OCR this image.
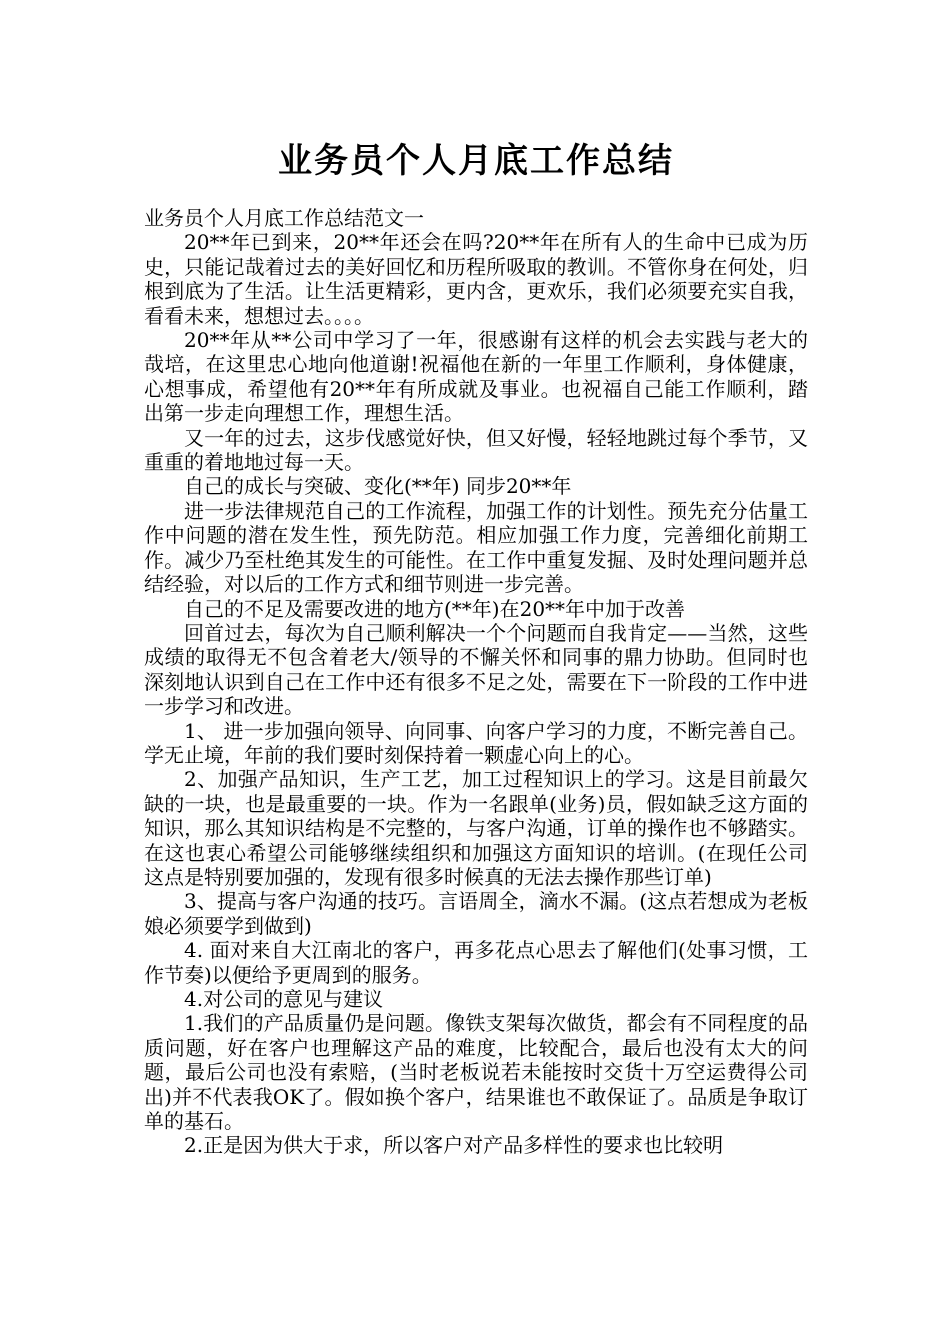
业务员个人月底工作总结

业务员个人月底工作总结范文一

20**年已到来，20**年还会在吗?20**年在所有人的生命中已成为历史，只能记哉着过去的美好回忆和历程所吸取的教训。不管你身在何处，归根到底为了生活。让生活更精彩，更内含，更欢乐，我们必须要充实自我，看看未来，想想过去。。。。

20**年从**公司中学习了一年，很感谢有这样的机会去实践与老大的哉培，在这里忠心地向他道谢!祝福他在新的一年里工作顺利，身体健康，心想事成，希望他有20**年有所成就及事业。也祝福自己能工作顺利，踏出第一步走向理想工作，理想生活。

又一年的过去，这步伐感觉好快，但又好慢，轻轻地跳过每个季节，又重重的着地地过每一天。

自己的成长与突破、变化(**年) 同步20**年

进一步法律规范自己的工作流程，加强工作的计划性。预先充分估量工作中问题的潜在发生性，预先防范。相应加强工作力度，完善细化前期工作。减少乃至杜绝其发生的可能性。在工作中重复发掘、及时处理问题并总结经验，对以后的工作方式和细节则进一步完善。

自己的不足及需要改进的地方(**年)在20**年中加于改善

回首过去，每次为自己顺利解决一个个问题而自我肯定——当然，这些成绩的取得无不包含着老大/领导的不懈关怀和同事的鼎力协助。但同时也深刻地认识到自己在工作中还有很多不足之处，需要在下一阶段的工作中进一步学习和改进。

1、 进一步加强向领导、向同事、向客户学习的力度，不断完善自己。学无止境，年前的我们要时刻保持着一颗虚心向上的心。

2、加强产品知识，生产工艺，加工过程知识上的学习。这是目前最欠缺的一块，也是最重要的一块。作为一名跟单(业务)员，假如缺乏这方面的知识，那么其知识结构是不完整的，与客户沟通，订单的操作也不够踏实。在这也衷心希望公司能够继续组织和加强这方面知识的培训。(在现任公司这点是特别要加强的，发现有很多时候真的无法去操作那些订单)

3、提高与客户沟通的技巧。言语周全，滴水不漏。(这点若想成为老板娘必须要学到做到)

4. 面对来自大江南北的客户，再多花点心思去了解他们(处事习惯，工作节奏)以便给予更周到的服务。

4.对公司的意见与建议

1.我们的产品质量仍是问题。像铁支架每次做货，都会有不同程度的品质问题，好在客户也理解这产品的难度，比较配合，最后也没有太大的问题，最后公司也没有索赔，(当时老板说若未能按时交货十万空运费得公司出)并不代表我OK了。假如换个客户，结果谁也不敢保证了。品质是争取订单的基石。

2.正是因为供大于求，所以客户对产品多样性的要求也比较明
